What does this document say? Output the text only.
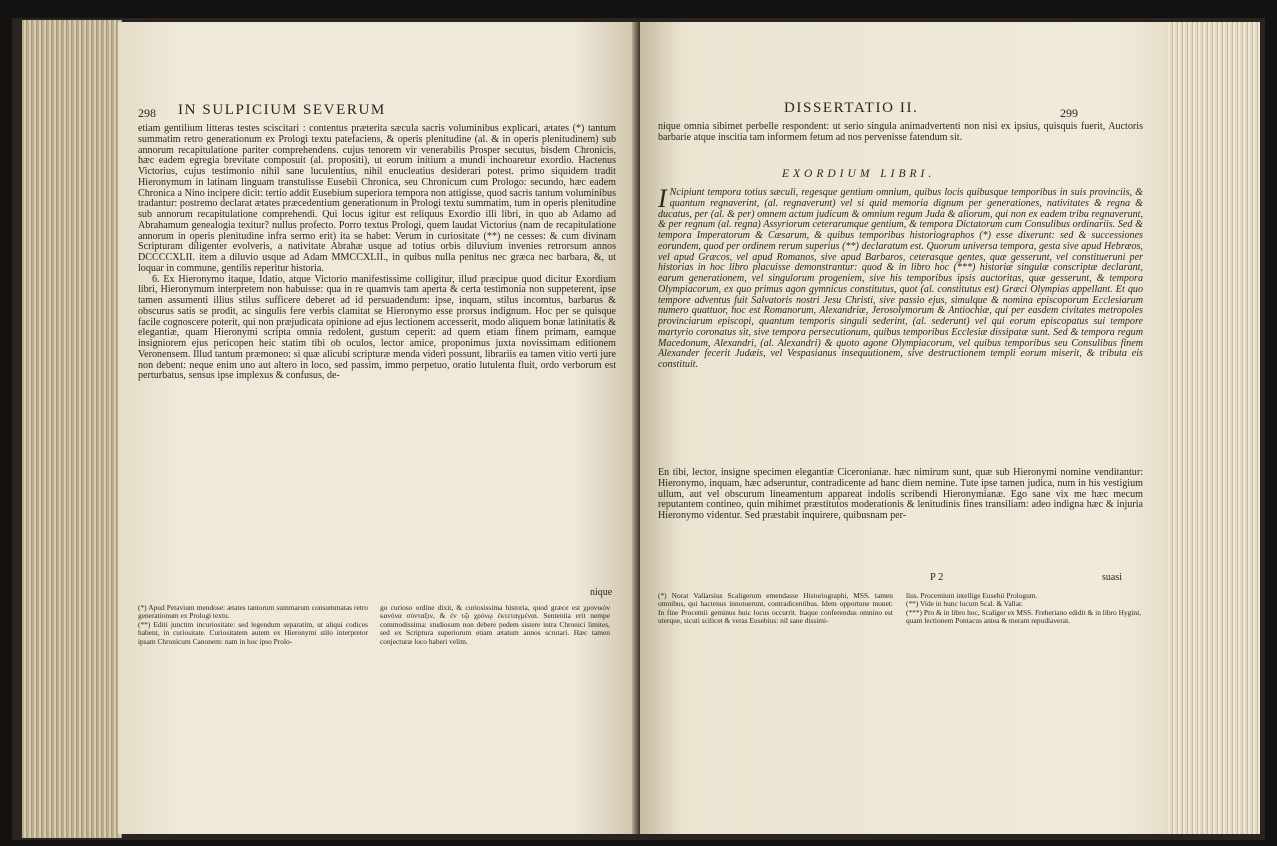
298 IN SULPICIUM SEVERUM

etiam gentilium litteras testes sciscitari : contentus præterita sæcula sacris voluminibus explicari, ætates (*) tantum summatim retro generationum ex Prologi textu patefaciens, & operis plenitudine (al. & in operis plenitudinem) sub annorum recapitulatione pariter comprehendens. cujus tenorem vir venerabilis Prosper secutus, bisdem Chronicis, hæc eadem egregia brevitate composuit (al. propositi), ut eorum initium a mundi inchoaretur exordio. Hactenus Victorius, cujus testimonio nihil sane luculentius, nihil enucleatius desiderari potest. primo siquidem tradit Hieronymum in latinam linguam transtulisse Eusebii Chronica, seu Chronicum cum Prologo: secundo, hæc eadem Chronica a Nino incipere dicit: tertio addit Eusebium superiora tempora non attigisse, quod sacris tantum voluminibus tradantur: postremo declarat ætates præcedentium generationum in Prologi textu summatim, tum in operis plenitudine sub annorum recapitulatione comprehendi. Qui locus igitur est reliquus Exordio illi libri, in quo ab Adamo ad Abrahamum genealogia texitur? nullus profecto. Porro textus Prologi, quem laudat Victorius (nam de recapitulatione annorum in operis plenitudine infra sermo erit) ita se habet: Verum in curiositate (**) ne cesses: & cum divinam Scripturam diligenter evolveris, a nativitate Abrahæ usque ad totius orbis diluvium invenies retrorsum annos DCCCCXLII. item a diluvio usque ad Adam MMCCXLII., in quibus nulla penitus nec græca nec barbara, &, ut loquar in commune, gentilis reperitur historia.

6. Ex Hieronymo itaque, Idatio, atque Victorio manifestissime colligitur, illud præcipue quod dicitur Exordium libri, Hieronymum interpretem non habuisse: qua in re quamvis tam aperta & certa testimonia non suppeterent, ipse tamen assumenti illius stilus sufficere deberet ad id persuadendum: ipse, inquam, stilus incomtus, barbarus & obscurus satis se prodit, ac singulis fere verbis clamitat se Hieronymo esse prorsus indignum. Hoc per se quisque facile cognoscere poterit, qui non præjudicata opinione ad ejus lectionem accesserit, modo aliquem bonæ latinitatis & elegantiæ, quam Hieronymi scripta omnia redolent, gustum ceperit: ad quem etiam finem primam, eamque insigniorem ejus pericopen heic statim tibi ob oculos, lector amice, proponimus juxta novissimam editionem Veronensem. Illud tantum præmoneo: si quæ alicubi scripturæ menda videri possunt, librariis ea tamen vitio verti jure non debent: neque enim uno aut altero in loco, sed passim, immo perpetuo, oratio lutulenta fluit, ordo verborum est perturbatus, sensus ipse implexus & confusus, de-

nique

(*) Apud Petavium mendose: ætates tantorum summarum consummatas retro generationum ex Prologi textu.

(**) Editi junctim incuriositate: sed legendum separatim, ut aliqui codices habent, in curiositate. Curiositatem autem ex Hieronymi stilo interpretor ipsam Chronicum Canonem: nam in hoc ipso Prolo-

go curioso ordine dixit, & curiosissima historia, quod græce est χρονικὸν κανόνα σύνταξιν, & ἐν τῷ χρόνῳ ἐκτεταγμέναι. Sententia erit nempe commodissima: studiosum non debere pedem sistere intra Chronici limites, sed ex Scriptura superiorum etiam ætatum annos scrutari. Hæc tamen conjecturæ loco haberi velim.

DISSERTATIO II.	299

nique omnia sibimet perbelle respondent: ut serio singula animadvertenti non nisi ex ipsius, quisquis fuerit, Auctoris barbarie atque inscitia tam informem fetum ad nos pervenisse fatendum sit.

EXORDIUM LIBRI.
I Ncipiunt tempora totius sæculi, regesque gentium omnium, quibus locis quibusque temporibus in suis provinciis, & quantum regnaverint, (al. regnaverunt) vel si quid memoria dignum per generationes, nativitates & regna & ducatus, per (al. & per) omnem actum judicum & omnium regum Juda & aliorum, qui non ex eadem tribu regnaverunt, & per regnum (al. regna) Assyriorum ceterarumque gentium, & tempora Dictatorum cum Consulibus ordinariis. Sed & tempora Imperatorum & Cæsarum, & quibus temporibus historiographos (*) esse dixerunt: sed & successiones eorundem, quod per ordinem rerum superius (**) declaratum est. Quorum universa tempora, gesta sive apud Hebræos, vel apud Græcos, vel apud Romanos, sive apud Barbaros, ceterasque gentes, quæ gesserunt, vel constitueruni per historias in hoc libro placuisse demonstrantur: quod & in libro hoc (***) historiæ singulæ conscriptæ declarant, earum generationem, vel singulorum progeniem, sive his temporibus ipsis auctoritas, quæ gesserunt, & tempora Olympiacorum, ex quo primus agon gymnicus constitutus, quot (al. constitutus est) Græci Olympias appellant. Et quo tempore adventus fuit Salvatoris nostri Jesu Christi, sive passio ejus, simulque & nomina episcoporum Ecclesiarum numero quattuor, hoc est Romanorum, Alexandriæ, Jerosolymorum & Antiochiæ, qui per easdem civitates metropoles provinciarum episcopi, quantum temporis singuli sederint, (al. sederunt) vel qui eorum episcopatus sui tempore martyrio coronatus sit, sive tempora persecutionum, quibus temporibus Ecclesiæ dissipatæ sunt. Sed & tempora regum Macedonum, Alexandri, (al. Alexandri) & quoto agone Olympiacorum, vel quibus temporibus seu Consulibus finem Alexander fecerit Judæis, vel Vespasianus insequutionem, sive destructionem templi eorum miserit, & tributa eis constituit.

En tibi, lector, insigne specimen elegantiæ Ciceronianæ. hæc nimirum sunt, quæ sub Hieronymi nomine venditantur: Hieronymo, inquam, hæc adseruntur, contradicente ad hanc diem nemine. Tute ipse tamen judica, num in his vestigium ullum, aut vel obscurum lineamentum appareat indolis scribendi Hieronymianæ. Ego sane vix me hæc mecum reputantem contineo, quin mihimet præstitutos moderationis & lenitudinis fines transiliam: adeo indigna hæc & injuria Hieronymo videntur. Sed præstabit inquirere, quibusnam per-

P 2	suasi

(*) Norat Vallarsius Scaligerum emendasse Historiographi, MSS. tamen omnibus, qui hactenus innotuerunt, contradicentibus. Idem opportune monet: In fine Procemii geminus huic locus occurrit. Itaque conferendus omnino est uterque, sicuti scilicet & veras Eusebius: nil sane dissimi-

lius. Procemium intellige Eusebii Prologum.

(**) Vide in hunc locum Scal. & Vallar.

(***) Pro & in libro hoc, Scaliger ex MSS. Freheriano edidit & in libro Hygini, quam lectionem Pontacus antea & meram repudiaverat.
